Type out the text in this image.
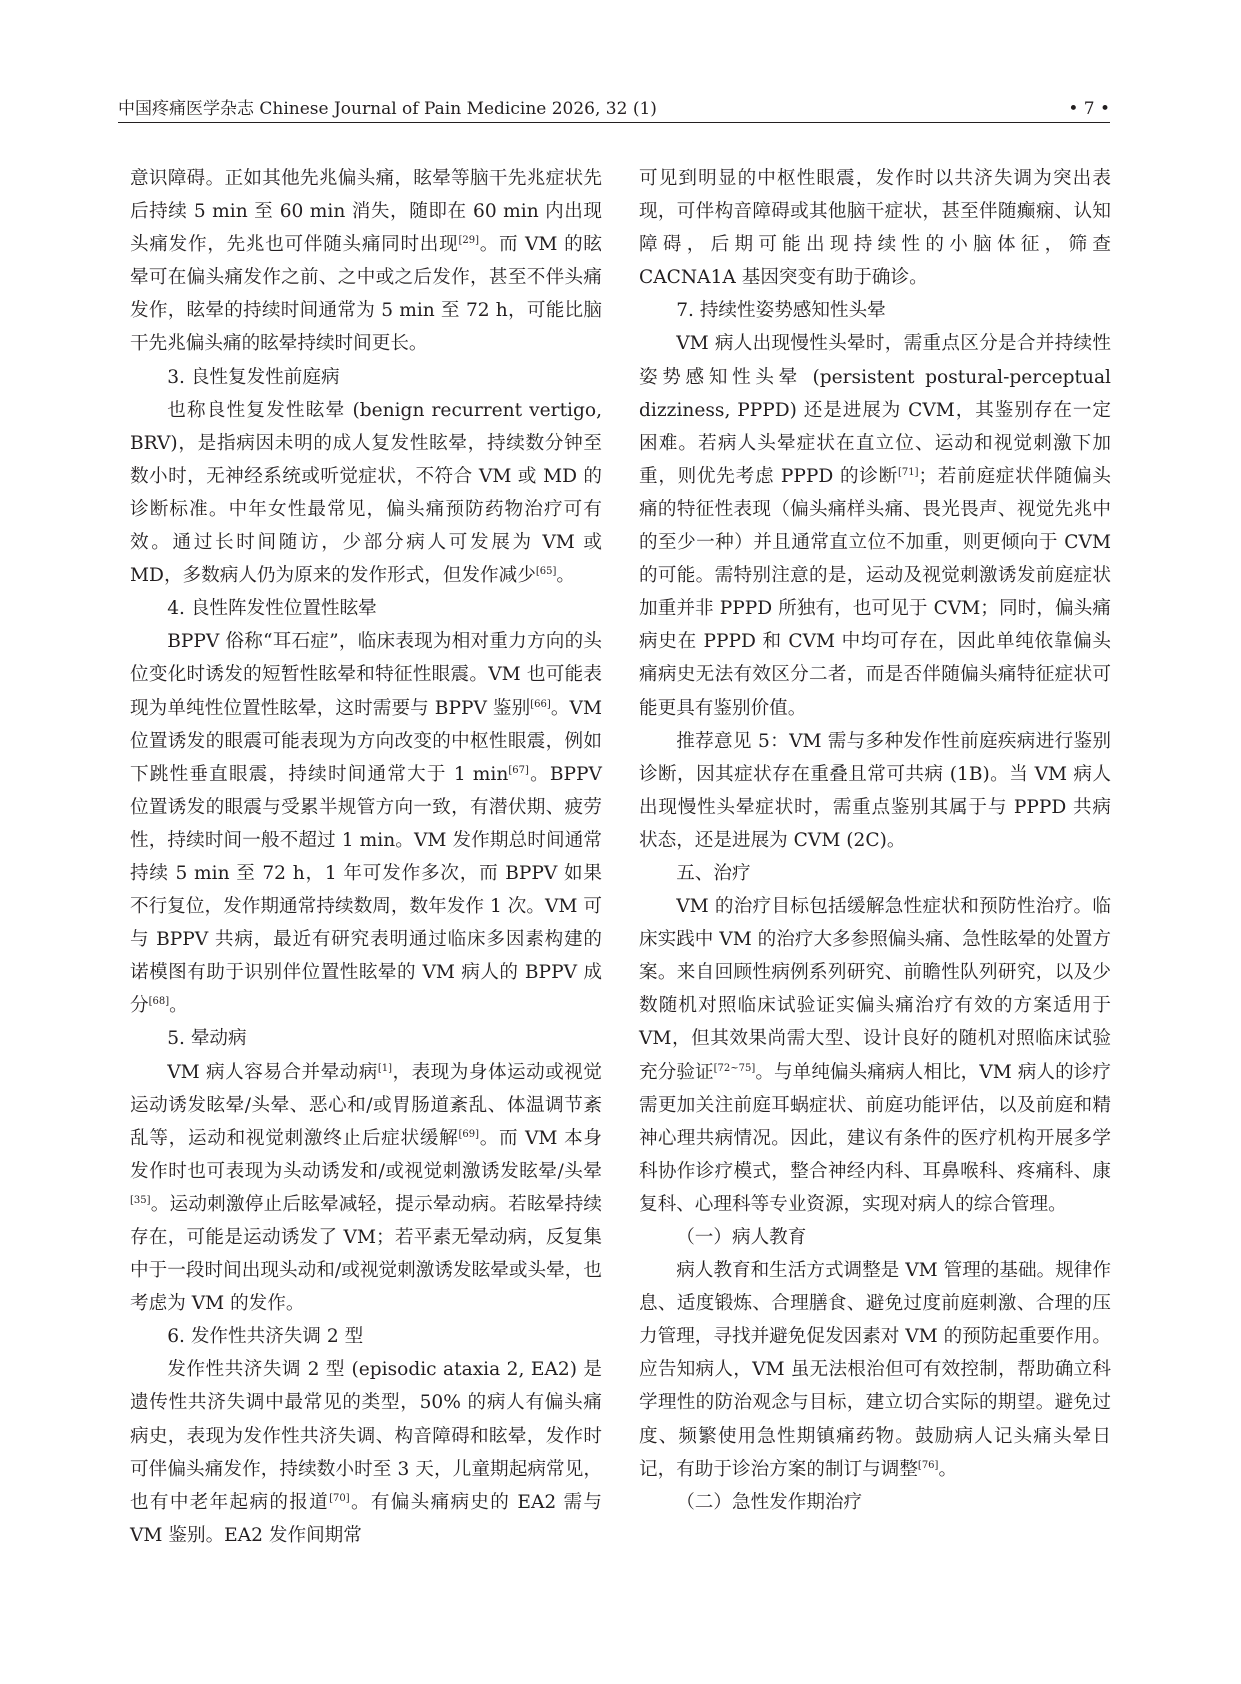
中国疼痛医学杂志 Chinese Journal of Pain Medicine 2026, 32 (1)	• 7 •

意识障碍。正如其他先兆偏头痛，眩晕等脑干先兆症状先后持续 5 min 至 60 min 消失，随即在 60 min 内出现头痛发作，先兆也可伴随头痛同时出现[29]。而 VM 的眩晕可在偏头痛发作之前、之中或之后发作，甚至不伴头痛发作，眩晕的持续时间通常为 5 min 至 72 h，可能比脑干先兆偏头痛的眩晕持续时间更长。

3. 良性复发性前庭病

也称良性复发性眩晕 (benign recurrent vertigo, BRV)，是指病因未明的成人复发性眩晕，持续数分钟至数小时，无神经系统或听觉症状，不符合 VM 或 MD 的诊断标准。中年女性最常见，偏头痛预防药物治疗可有效。通过长时间随访，少部分病人可发展为 VM 或 MD，多数病人仍为原来的发作形式，但发作减少[65]。

4. 良性阵发性位置性眩晕

BPPV 俗称“耳石症”，临床表现为相对重力方向的头位变化时诱发的短暂性眩晕和特征性眼震。VM 也可能表现为单纯性位置性眩晕，这时需要与 BPPV 鉴别[66]。VM 位置诱发的眼震可能表现为方向改变的中枢性眼震，例如下跳性垂直眼震，持续时间通常大于 1 min[67]。BPPV 位置诱发的眼震与受累半规管方向一致，有潜伏期、疲劳性，持续时间一般不超过 1 min。VM 发作期总时间通常持续 5 min 至 72 h，1 年可发作多次，而 BPPV 如果不行复位，发作期通常持续数周，数年发作 1 次。VM 可与 BPPV 共病，最近有研究表明通过临床多因素构建的诺模图有助于识别伴位置性眩晕的 VM 病人的 BPPV 成分[68]。

5. 晕动病

VM 病人容易合并晕动病[1]，表现为身体运动或视觉运动诱发眩晕/头晕、恶心和/或胃肠道紊乱、体温调节紊乱等，运动和视觉刺激终止后症状缓解[69]。而 VM 本身发作时也可表现为头动诱发和/或视觉刺激诱发眩晕/头晕[35]。运动刺激停止后眩晕减轻，提示晕动病。若眩晕持续存在，可能是运动诱发了 VM；若平素无晕动病，反复集中于一段时间出现头动和/或视觉刺激诱发眩晕或头晕，也考虑为 VM 的发作。

6. 发作性共济失调 2 型

发作性共济失调 2 型 (episodic ataxia 2, EA2) 是遗传性共济失调中最常见的类型，50% 的病人有偏头痛病史，表现为发作性共济失调、构音障碍和眩晕，发作时可伴偏头痛发作，持续数小时至 3 天，儿童期起病常见，也有中老年起病的报道[70]。有偏头痛病史的 EA2 需与 VM 鉴别。EA2 发作间期常

可见到明显的中枢性眼震，发作时以共济失调为突出表现，可伴构音障碍或其他脑干症状，甚至伴随癫痫、认知障碍，后期可能出现持续性的小脑体征，筛查 CACNA1A 基因突变有助于确诊。

7. 持续性姿势感知性头晕

VM 病人出现慢性头晕时，需重点区分是合并持续性姿势感知性头晕 (persistent postural-perceptual dizziness, PPPD) 还是进展为 CVM，其鉴别存在一定困难。若病人头晕症状在直立位、运动和视觉刺激下加重，则优先考虑 PPPD 的诊断[71]；若前庭症状伴随偏头痛的特征性表现（偏头痛样头痛、畏光畏声、视觉先兆中的至少一种）并且通常直立位不加重，则更倾向于 CVM 的可能。需特别注意的是，运动及视觉刺激诱发前庭症状加重并非 PPPD 所独有，也可见于 CVM；同时，偏头痛病史在 PPPD 和 CVM 中均可存在，因此单纯依靠偏头痛病史无法有效区分二者，而是否伴随偏头痛特征症状可能更具有鉴别价值。

推荐意见 5：VM 需与多种发作性前庭疾病进行鉴别诊断，因其症状存在重叠且常可共病 (1B)。当 VM 病人出现慢性头晕症状时，需重点鉴别其属于与 PPPD 共病状态，还是进展为 CVM (2C)。

五、治疗

VM 的治疗目标包括缓解急性症状和预防性治疗。临床实践中 VM 的治疗大多参照偏头痛、急性眩晕的处置方案。来自回顾性病例系列研究、前瞻性队列研究，以及少数随机对照临床试验证实偏头痛治疗有效的方案适用于 VM，但其效果尚需大型、设计良好的随机对照临床试验充分验证[72~75]。与单纯偏头痛病人相比，VM 病人的诊疗需更加关注前庭耳蜗症状、前庭功能评估，以及前庭和精神心理共病情况。因此，建议有条件的医疗机构开展多学科协作诊疗模式，整合神经内科、耳鼻喉科、疼痛科、康复科、心理科等专业资源，实现对病人的综合管理。

（一）病人教育

病人教育和生活方式调整是 VM 管理的基础。规律作息、适度锻炼、合理膳食、避免过度前庭刺激、合理的压力管理，寻找并避免促发因素对 VM 的预防起重要作用。应告知病人，VM 虽无法根治但可有效控制，帮助确立科学理性的防治观念与目标，建立切合实际的期望。避免过度、频繁使用急性期镇痛药物。鼓励病人记头痛头晕日记，有助于诊治方案的制订与调整[76]。

（二）急性发作期治疗
